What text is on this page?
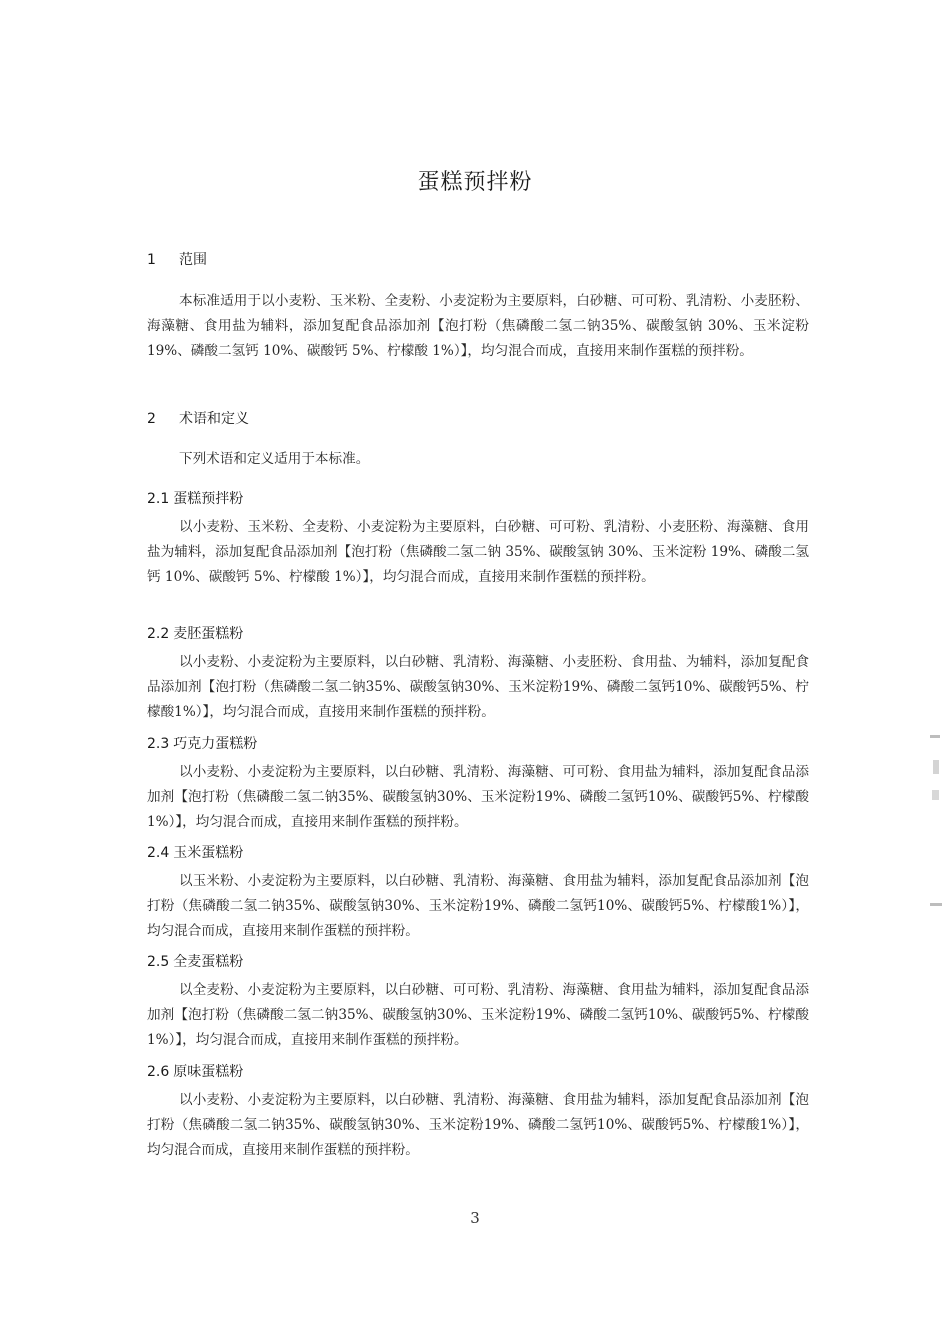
蛋糕预拌粉
1 范围
本标准适用于以小麦粉、玉米粉、全麦粉、小麦淀粉为主要原料，白砂糖、可可粉、乳清粉、小麦胚粉、海藻糖、食用盐为辅料，添加复配食品添加剂【泡打粉（焦磷酸二氢二钠35%、碳酸氢钠 30%、玉米淀粉 19%、磷酸二氢钙 10%、碳酸钙 5%、柠檬酸 1%）】，均匀混合而成，直接用来制作蛋糕的预拌粉。
2 术语和定义
下列术语和定义适用于本标准。
2.1 蛋糕预拌粉
以小麦粉、玉米粉、全麦粉、小麦淀粉为主要原料，白砂糖、可可粉、乳清粉、小麦胚粉、海藻糖、食用盐为辅料，添加复配食品添加剂【泡打粉（焦磷酸二氢二钠 35%、碳酸氢钠 30%、玉米淀粉 19%、磷酸二氢钙 10%、碳酸钙 5%、柠檬酸 1%）】，均匀混合而成，直接用来制作蛋糕的预拌粉。
2.2 麦胚蛋糕粉
以小麦粉、小麦淀粉为主要原料，以白砂糖、乳清粉、海藻糖、小麦胚粉、食用盐、为辅料，添加复配食品添加剂【泡打粉（焦磷酸二氢二钠35%、碳酸氢钠30%、玉米淀粉19%、磷酸二氢钙10%、碳酸钙5%、柠檬酸1%）】，均匀混合而成，直接用来制作蛋糕的预拌粉。
2.3 巧克力蛋糕粉
以小麦粉、小麦淀粉为主要原料，以白砂糖、乳清粉、海藻糖、可可粉、食用盐为辅料，添加复配食品添加剂【泡打粉（焦磷酸二氢二钠35%、碳酸氢钠30%、玉米淀粉19%、磷酸二氢钙10%、碳酸钙5%、柠檬酸1%）】，均匀混合而成，直接用来制作蛋糕的预拌粉。
2.4 玉米蛋糕粉
以玉米粉、小麦淀粉为主要原料，以白砂糖、乳清粉、海藻糖、食用盐为辅料，添加复配食品添加剂【泡打粉（焦磷酸二氢二钠35%、碳酸氢钠30%、玉米淀粉19%、磷酸二氢钙10%、碳酸钙5%、柠檬酸1%）】，均匀混合而成，直接用来制作蛋糕的预拌粉。
2.5 全麦蛋糕粉
以全麦粉、小麦淀粉为主要原料，以白砂糖、可可粉、乳清粉、海藻糖、食用盐为辅料，添加复配食品添加剂【泡打粉（焦磷酸二氢二钠35%、碳酸氢钠30%、玉米淀粉19%、磷酸二氢钙10%、碳酸钙5%、柠檬酸1%）】，均匀混合而成，直接用来制作蛋糕的预拌粉。
2.6 原味蛋糕粉
以小麦粉、小麦淀粉为主要原料，以白砂糖、乳清粉、海藻糖、食用盐为辅料，添加复配食品添加剂【泡打粉（焦磷酸二氢二钠35%、碳酸氢钠30%、玉米淀粉19%、磷酸二氢钙10%、碳酸钙5%、柠檬酸1%）】，均匀混合而成，直接用来制作蛋糕的预拌粉。
3
